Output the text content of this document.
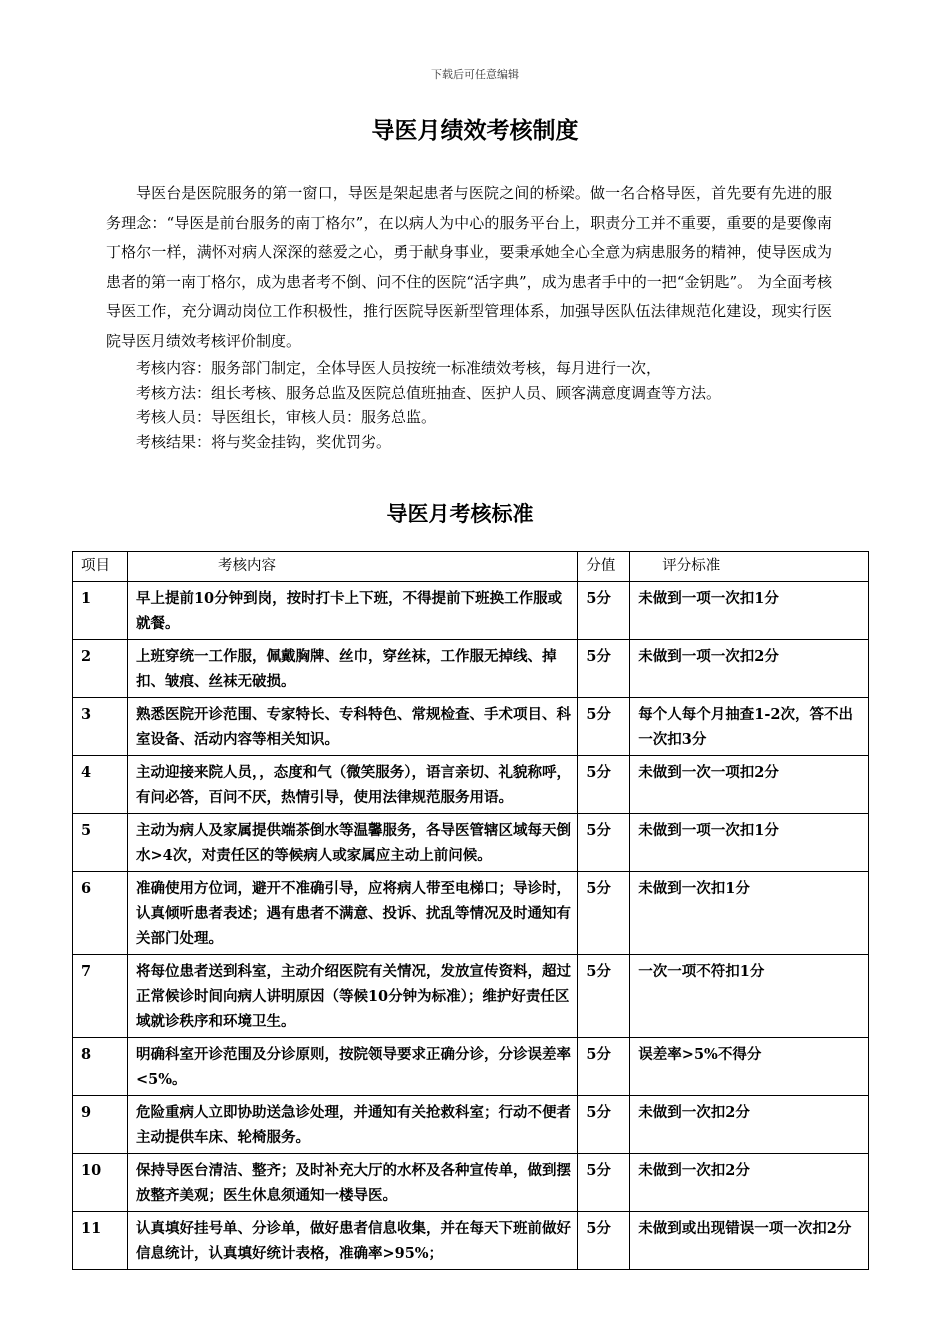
下载后可任意编辑
导医月绩效考核制度

导医台是医院服务的第一窗口，导医是架起患者与医院之间的桥梁。做一名合格导医，首先要有先进的服务理念：“导医是前台服务的南丁格尔”，在以病人为中心的服务平台上，职责分工并不重要，重要的是要像南丁格尔一样，满怀对病人深深的慈爱之心，勇于献身事业，要秉承她全心全意为病患服务的精神，使导医成为患者的第一南丁格尔，成为患者考不倒、问不住的医院“活字典”，成为患者手中的一把“金钥匙”。 为全面考核导医工作，充分调动岗位工作积极性，推行医院导医新型管理体系，加强导医队伍法律规范化建设，现实行医院导医月绩效考核评价制度。

考核内容：服务部门制定，全体导医人员按统一标准绩效考核，每月进行一次，

考核方法：组长考核、服务总监及医院总值班抽查、医护人员、顾客满意度调查等方法。

考核人员：导医组长，审核人员：服务总监。

考核结果：将与奖金挂钩，奖优罚劣。

导医月考核标准
项目	考核内容	分值	评分标准
1	早上提前10分钟到岗，按时打卡上下班，不得提前下班换工作服或就餐。	5分	未做到一项一次扣1分
2	上班穿统一工作服，佩戴胸牌、丝巾，穿丝袜，工作服无掉线、掉扣、皱痕、丝袜无破损。	5分	未做到一项一次扣2分
3	熟悉医院开诊范围、专家特长、专科特色、常规检查、手术项目、科室设备、活动内容等相关知识。	5分	每个人每个月抽查1-2次，答不出一次扣3分
4	主动迎接来院人员，，态度和气（微笑服务），语言亲切、礼貌称呼，有问必答，百问不厌，热情引导，使用法律规范服务用语。	5分	未做到一次一项扣2分
5	主动为病人及家属提供端茶倒水等温馨服务，各导医管辖区域每天倒水>4次，对责任区的等候病人或家属应主动上前问候。	5分	未做到一项一次扣1分
6	准确使用方位词，避开不准确引导，应将病人带至电梯口；导诊时，认真倾听患者表述；遇有患者不满意、投诉、扰乱等情况及时通知有关部门处理。	5分	未做到一次扣1分
7	将每位患者送到科室，主动介绍医院有关情况，发放宣传资料，超过正常候诊时间向病人讲明原因（等候10分钟为标准）；维护好责任区域就诊秩序和环境卫生。	5分	一次一项不符扣1分
8	明确科室开诊范围及分诊原则，按院领导要求正确分诊，分诊误差率<5%。	5分	误差率>5%不得分
9	危险重病人立即协助送急诊处理，并通知有关抢救科室；行动不便者主动提供车床、轮椅服务。	5分	未做到一次扣2分
10	保持导医台清洁、整齐；及时补充大厅的水杯及各种宣传单，做到摆放整齐美观；医生休息须通知一楼导医。	5分	未做到一次扣2分
11	认真填好挂号单、分诊单，做好患者信息收集，并在每天下班前做好信息统计，认真填好统计表格，准确率>95%；	5分	未做到或出现错误一项一次扣2分
